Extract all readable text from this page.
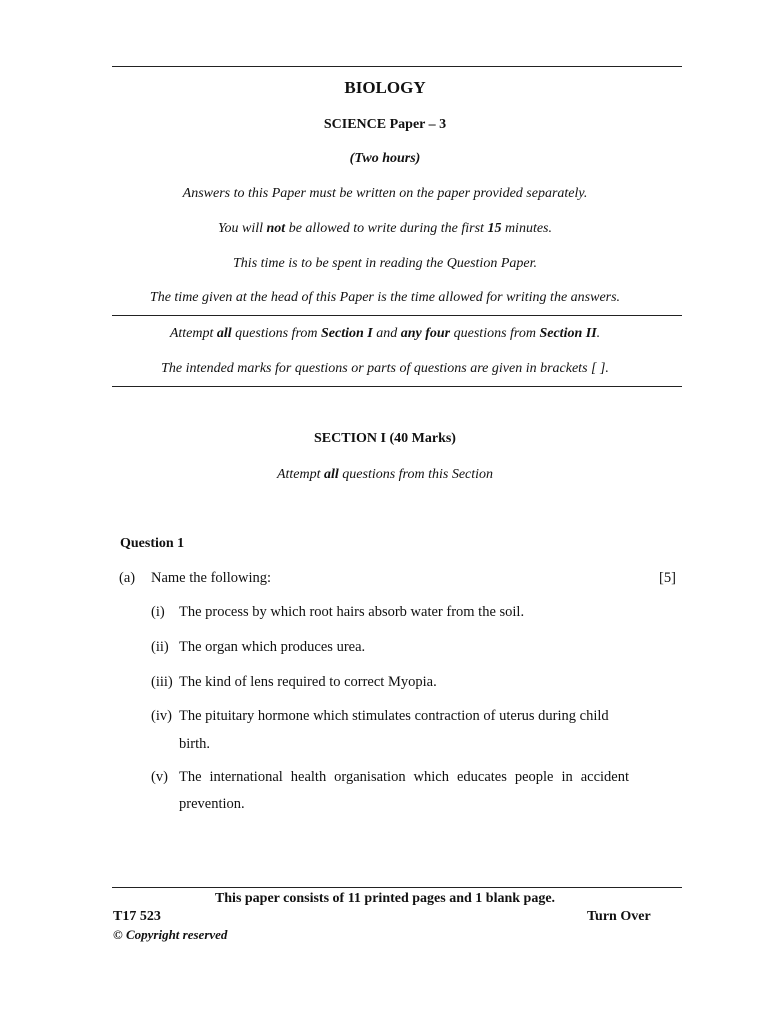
BIOLOGY
SCIENCE Paper – 3
(Two hours)
Answers to this Paper must be written on the paper provided separately.
You will not be allowed to write during the first 15 minutes.
This time is to be spent in reading the Question Paper.
The time given at the head of this Paper is the time allowed for writing the answers.
Attempt all questions from Section I and any four questions from Section II.
The intended marks for questions or parts of questions are given in brackets [ ].
SECTION I (40 Marks)
Attempt all questions from this Section
Question 1
(a) Name the following:	[5]
(i) The process by which root hairs absorb water from the soil.
(ii) The organ which produces urea.
(iii) The kind of lens required to correct Myopia.
(iv) The pituitary hormone which stimulates contraction of uterus during child
birth.
(v) The international health organisation which educates people in accident
prevention.
This paper consists of 11 printed pages and 1 blank page.
T17 523	Turn Over
© Copyright reserved
